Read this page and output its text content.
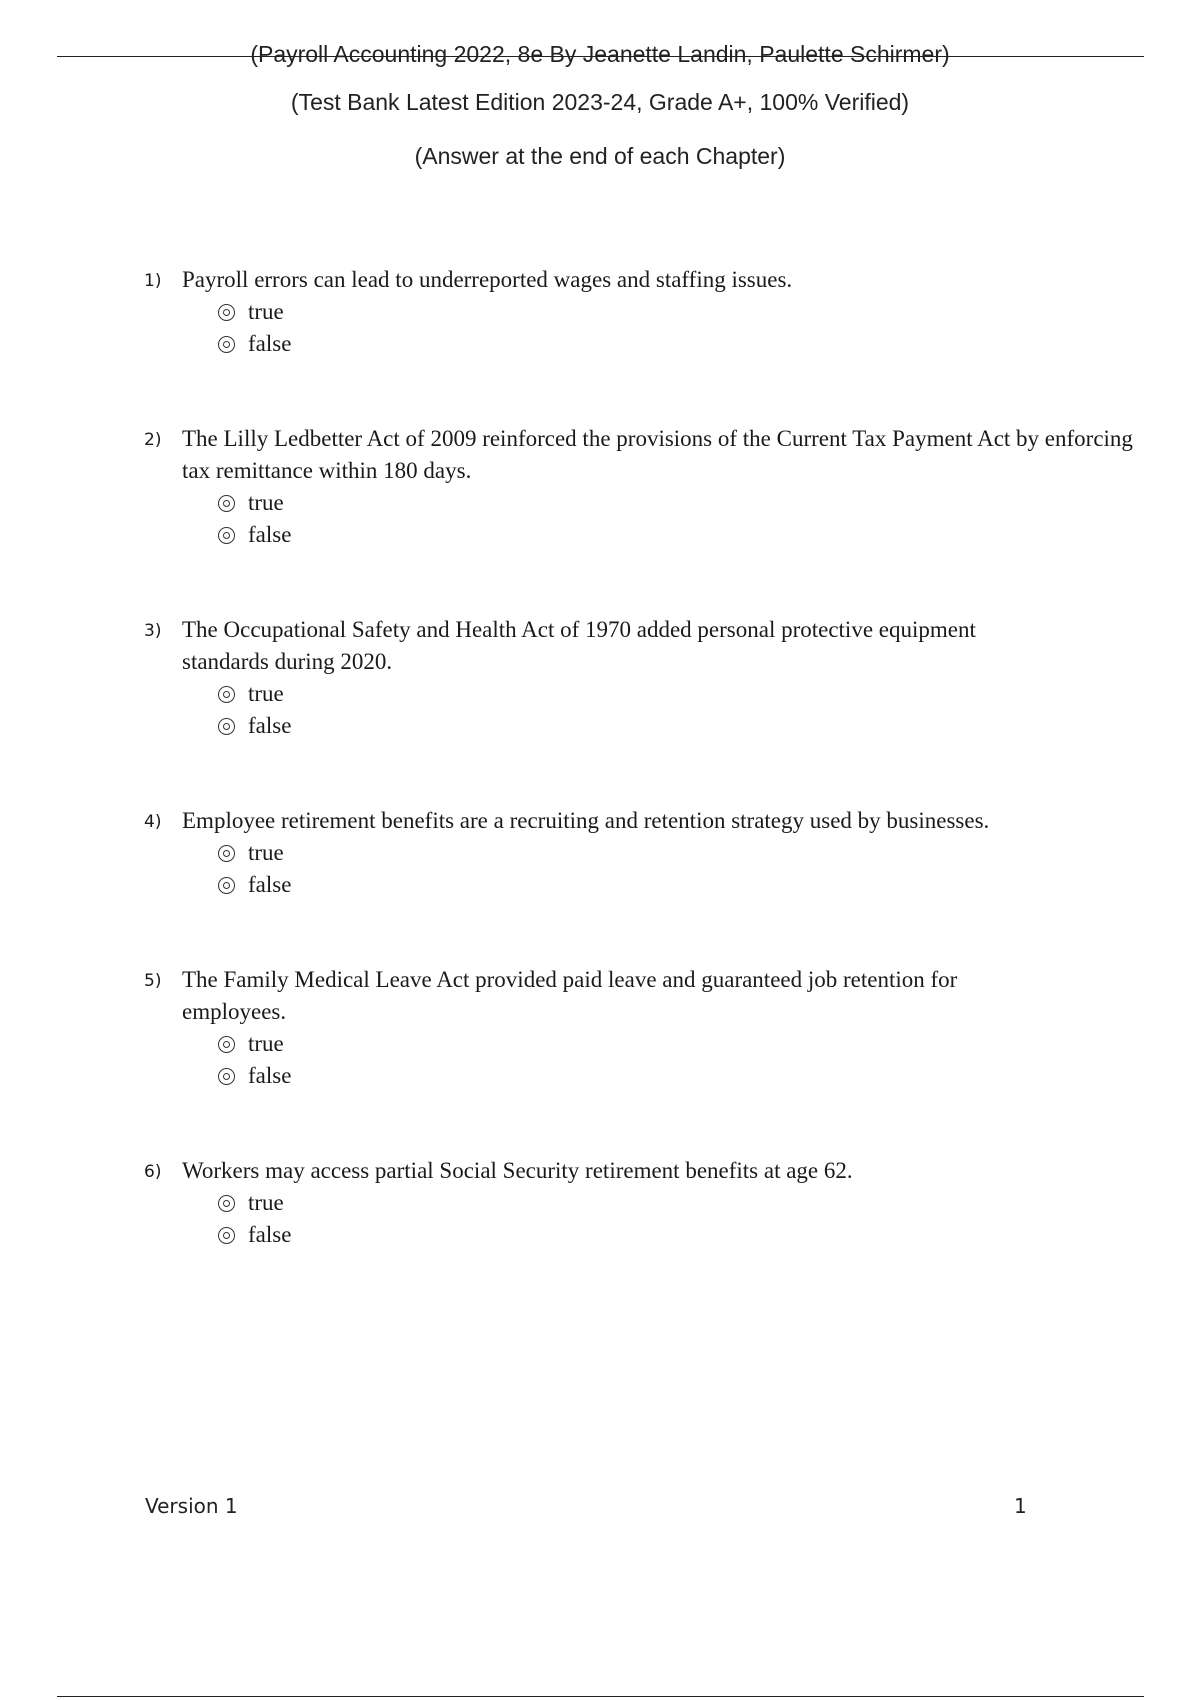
(Payroll Accounting 2022, 8e By Jeanette Landin, Paulette Schirmer)
(Test Bank Latest Edition 2023-24, Grade A+, 100% Verified)
(Answer at the end of each Chapter)
1) Payroll errors can lead to underreported wages and staffing issues.
true
false
2) The Lilly Ledbetter Act of 2009 reinforced the provisions of the Current Tax Payment Act by enforcing tax remittance within 180 days.
true
false
3) The Occupational Safety and Health Act of 1970 added personal protective equipment standards during 2020.
true
false
4) Employee retirement benefits are a recruiting and retention strategy used by businesses.
true
false
5) The Family Medical Leave Act provided paid leave and guaranteed job retention for employees.
true
false
6) Workers may access partial Social Security retirement benefits at age 62.
true
false
Version 1	1
